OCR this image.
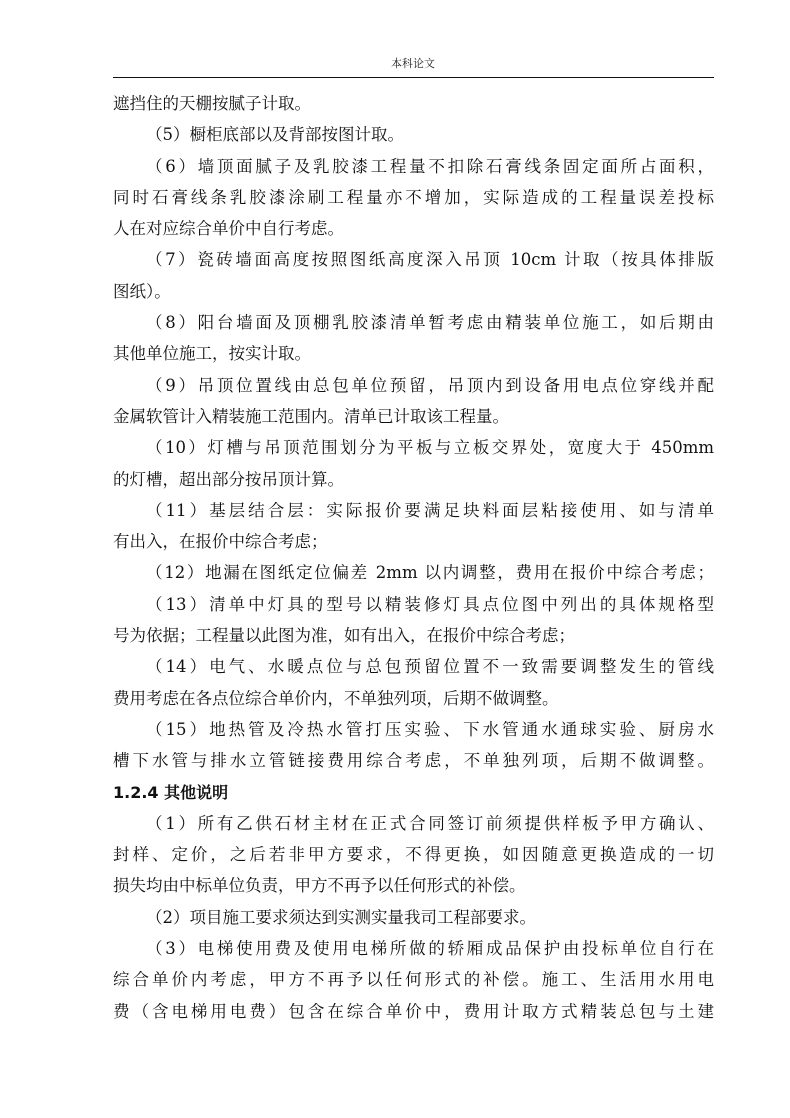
本科论文
遮挡住的天棚按腻子计取。
（5）橱柜底部以及背部按图计取。
（6）墙顶面腻子及乳胶漆工程量不扣除石膏线条固定面所占面积，
同时石膏线条乳胶漆涂刷工程量亦不增加，实际造成的工程量误差投标
人在对应综合单价中自行考虑。
（7）瓷砖墙面高度按照图纸高度深入吊顶 10cm 计取（按具体排版
图纸）。
（8）阳台墙面及顶棚乳胶漆清单暂考虑由精装单位施工，如后期由
其他单位施工，按实计取。
（9）吊顶位置线由总包单位预留，吊顶内到设备用电点位穿线并配
金属软管计入精装施工范围内。清单已计取该工程量。
（10）灯槽与吊顶范围划分为平板与立板交界处，宽度大于 450mm
的灯槽，超出部分按吊顶计算。
（11）基层结合层：实际报价要满足块料面层粘接使用、如与清单
有出入，在报价中综合考虑；
（12）地漏在图纸定位偏差 2mm 以内调整，费用在报价中综合考虑；
（13）清单中灯具的型号以精装修灯具点位图中列出的具体规格型
号为依据；工程量以此图为准，如有出入，在报价中综合考虑；
（14）电气、水暖点位与总包预留位置不一致需要调整发生的管线
费用考虑在各点位综合单价内，不单独列项，后期不做调整。
（15）地热管及冷热水管打压实验、下水管通水通球实验、厨房水
槽下水管与排水立管链接费用综合考虑，不单独列项，后期不做调整。
1.2.4 其他说明
（1）所有乙供石材主材在正式合同签订前须提供样板予甲方确认、
封样、定价，之后若非甲方要求，不得更换，如因随意更换造成的一切
损失均由中标单位负责，甲方不再予以任何形式的补偿。
（2）项目施工要求须达到实测实量我司工程部要求。
（3）电梯使用费及使用电梯所做的轿厢成品保护由投标单位自行在
综合单价内考虑，甲方不再予以任何形式的补偿。施工、生活用水用电
费（含电梯用电费）包含在综合单价中，费用计取方式精装总包与土建
